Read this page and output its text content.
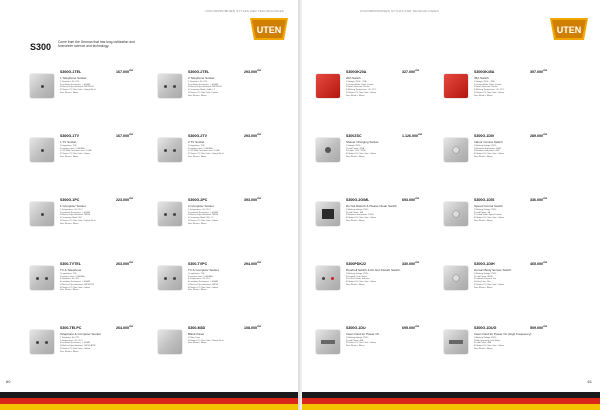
UNCOMPROMISED STYLES AND TECHNOLOGIES
UTEN
S300 Come from the German that has long civilization and forerunner science and technology.
S300G-1TEL	$167.000^{VND}$
1 Telephone Socket
1.Telephone: 60~70V
2.Insulation Resistance: > 100MΩ
3.Electrical Specifications: CAT3/RJ11
4.Plastics: PC, Box Color: Carbon 86 ml
Size: 86mm × 86mm
S300G-2TEL	$293.000^{VND}$
2 Telephone Socket
1.Telephone: 60~70V
2.Insulation Resistance: > 100MΩ
3.Electrical Specifications: CAT3/RJ11
4.Connection Mode: Cable × 2
5.Plastics: PC, Box Color: Carbon
Size: 86mm × 86mm
S300G-1TV	$167.000^{VND}$
1 TV Socket
1.Impedance: 75Ω
2.Insertion Loss: 5~860MHz
5~470 MHz: Insertion Loss ≤ 1.0dB
3.Plastics: PC, Box Color: Carbon
Size: 86mm × 86mm
S300G-2TV	$293.000^{VND}$
2 TV Socket
1.Impedance: 75Ω
2.Insertion Loss: 5~860MHz
5~470 MHz: Insertion Loss ≤ 1.0dB
3.Plastics: PC, Box Color: Carbon 86 ml
Size: 86mm × 86mm
S300G-1PC	$223.000^{VND}$
1 Computer Socket
1.Temperature: -20~70°C
2.Insulation Resistance: > 100MΩ
3.Electrical Specifications: CAT5E
4.Connection Mode: IDC
5.Plastics: PC, Box Color: Carbon 86 ml
Size: 86mm × 86mm
S300G-2PC	$393.000^{VND}$
2 Computer Socket
1.Temperature: -20~70°C
2.Insulation Resistance: > 100MΩ
3.Electrical Specifications: CAT5E
4.Connection Mode: IDC × 2
5.Plastics: PC, Box Color: Carbon
Size: 86mm × 86mm
S300-TVTEL	$263.000^{VND}$
TV & Telephone
1.Impedance: 75Ω
2.Insertion Loss: 5~860MHz
3.Telephone: 60~70V
4.Insulation Resistance: > 100MΩ
5.Electrical Specifications: CAT3/RJ11
6.Plastics: PC, Box Color: Carbon
Size: 86mm × 86mm
S300-TVPC	$294.000^{VND}$
TV & Computer Socket
1.Impedance: 75Ω
2.Insertion Loss: 5~860MHz
3.Temperature: -20~70°C
4.Insulation Resistance: > 100MΩ
5.Electrical Specifications: CAT5E
6.Plastics: PC, Box Color: Carbon
Size: 86mm × 86mm
S300-TELPC	$264.000^{VND}$
Telephone & Computer Socket
1.Telephone: 60~70V
2.Temperature: -20~70°C
3.Insulation Resistance: > 100MΩ
4.Electrical Specifications: CAT3/CAT5E
5.Plastics: PC, Box Color: Carbon
Size: 86mm × 86mm
S300-M3D	$108.000^{VND}$
Blank Panel
1.Plate Cover
2.Plastics: PC, Box Color: Carbon 86 ml
Size: 86mm × 86mm
60
UNCOMPROMISED STYLES AND TECHNOLOGIES
UTEN
S300GK20A	$327.000^{VND}$
20A Switch
1.Voltage: 250V~ / 20A
2.Contact Mode: Silver Contact
3.Switch Structure: Rocker
4.Working Temperature: -25~75°C
5.Plastics: PC, Box Color: Carbon
Size: 86mm × 86mm
S300GK45A	$397.000^{VND}$
45A Switch
1.Voltage: 250V~ / 45A
2.Contact Mode: Silver Contact
3.Switch Structure: Rocker
4.Working Temperature: -25~75°C
5.Plastics: PC, Box Color: Carbon
Size: 86mm × 86mm
S300ZSC	$1.126.000^{VND}$
Shaver Charging Socket
1.Voltage: 250V~
2.Load Power: 20VA
3.Output: 115V / 230V
4.Plastics: PC, Box Color: Carbon
Size: 86mm × 86mm
S300G-1DI0	$289.000^{VND}$
Indoor Control Switch
1.Working Voltage: 250V~
2.Maximum load power: 500W
3.Minimum load power: 40W
4.Plastics: PC, Box Color: Carbon
Size: 86mm × 86mm
S300G-2G/ML	$693.000^{VND}$
Do Not Disturb & Please Clean Switch
1.Working voltage: 250V~
2.Load Power: 10A
3.Maximum load power: 2.2kW
4.Plastics: PC, Box Color: Carbon
Size: 86mm × 86mm
S300G-1DIS	$336.000^{VND}$
Speed Control Switch
1.Working Voltage: 250V~
2.Load Power: 5A
3.Control Mode: Speed Control
4.Plastics: PC, Box Color: Carbon
Size: 86mm × 86mm
S300PDK22	$330.000^{VND}$
Doorbell Switch & Do Not Disturb Switch
1.Working Voltage: 250V~
2.Doorbell: Push Switch
3.Do Not Disturb: Indicator
4.Plastics: PC, Box Color: Carbon
Size: 86mm × 86mm
S300G-1DIH	$465.000^{VND}$
Human Body Sensor Switch
1.Working Voltage: 250V~
2.Load Power: 800W
3.Induction Distance: 6m
4.Delay Time: 10s~
5.Plastics: PC, Box Color: Carbon
Size: 86mm × 86mm
S300G-1DU	$695.000^{VND}$
Insert Card for Power On
1.Working voltage: 250V~
2.Load Power: 40A
3.Plastics: PC, Box Color: Carbon
Size: 86mm × 86mm
S300G-1DUG	$509.000^{VND}$
Insert Card for Power On (High Frequency)
1.Working Voltage: 250V~
2.High frequency card: Mifare
3.Load Power: 40A
4.Plastics: PC, Box Color: Carbon
Size: 86mm × 86mm
61
